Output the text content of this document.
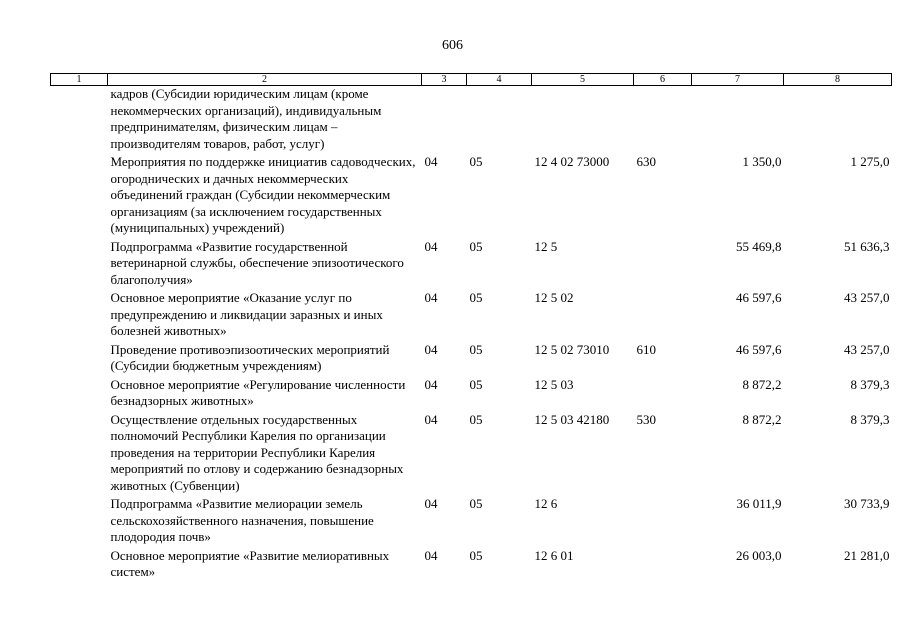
606
1	2	3	4	5	6	7	8
	кадров (Субсидии юридическим лицам (кроме некоммерческих организаций), индивидуальным предпринимателям, физическим лицам – производителям товаров, работ, услуг)						
	Мероприятия по поддержке инициатив садоводческих, огороднических и дачных некоммерческих объединений граждан (Субсидии некоммерческим организациям (за исключением государственных (муниципальных) учреждений)	04	05	12 4 02 73000	630	1 350,0	1 275,0
	Подпрограмма «Развитие государственной ветеринарной службы, обеспечение эпизоотического благополучия»	04	05	12 5		55 469,8	51 636,3
	Основное мероприятие «Оказание услуг по предупреждению и ликвидации заразных и иных болезней животных»	04	05	12 5 02		46 597,6	43 257,0
	Проведение противоэпизоотических мероприятий (Субсидии бюджетным учреждениям)	04	05	12 5 02 73010	610	46 597,6	43 257,0
	Основное мероприятие «Регулирование численности безнадзорных животных»	04	05	12 5 03		8 872,2	8 379,3
	Осуществление отдельных государственных полномочий Республики Карелия по организации проведения на территории Республики Карелия мероприятий по отлову и содержанию безнадзорных животных (Субвенции)	04	05	12 5 03 42180	530	8 872,2	8 379,3
	Подпрограмма «Развитие мелиорации земель сельскохозяйственного назначения, повышение плодородия почв»	04	05	12 6		36 011,9	30 733,9
	Основное мероприятие «Развитие мелиоративных систем»	04	05	12 6 01		26 003,0	21 281,0
